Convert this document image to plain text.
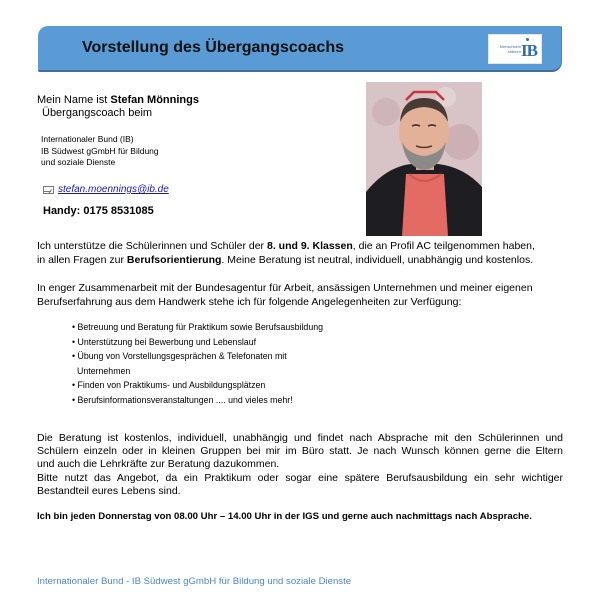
Vorstellung des Übergangscoachs	Menschsein
stärken IB
Mein Name ist Stefan Mönnings
Übergangscoach beim
Internationaler Bund (IB)
IB Südwest gGmbH für Bildung
und soziale Dienste
stefan.moennings@ib.de
Handy: 0175 8531085
Ich unterstütze die Schülerinnen und Schüler der 8. und 9. Klassen, die an Profil AC teilgenommen haben,
in allen Fragen zur Berufsorientierung. Meine Beratung ist neutral, individuell, unabhängig und kostenlos.
In enger Zusammenarbeit mit der Bundesagentur für Arbeit, ansässigen Unternehmen und meiner eigenen
Berufserfahrung aus dem Handwerk stehe ich für folgende Angelegenheiten zur Verfügung:
• Betreuung und Beratung für Praktikum sowie Berufsausbildung
• Unterstützung bei Bewerbung und Lebenslauf
• Übung von Vorstellungsgesprächen & Telefonaten mit
Unternehmen
• Finden von Praktikums- und Ausbildungsplätzen
• Berufsinformationsveranstaltungen .... und vieles mehr!
Die Beratung ist kostenlos, individuell, unabhängig und findet nach Absprache mit den Schülerinnen und
Schülern einzeln oder in kleinen Gruppen bei mir im Büro statt. Je nach Wunsch können gerne die Eltern
und auch die Lehrkräfte zur Beratung dazukommen.
Bitte nutzt das Angebot, da ein Praktikum oder sogar eine spätere Berufsausbildung ein sehr wichtiger
Bestandteil eures Lebens sind.
Ich bin jeden Donnerstag von 08.00 Uhr – 14.00 Uhr in der IGS und gerne auch nachmittags nach Absprache.
Internationaler Bund - IB Südwest gGmbH für Bildung und soziale Dienste
